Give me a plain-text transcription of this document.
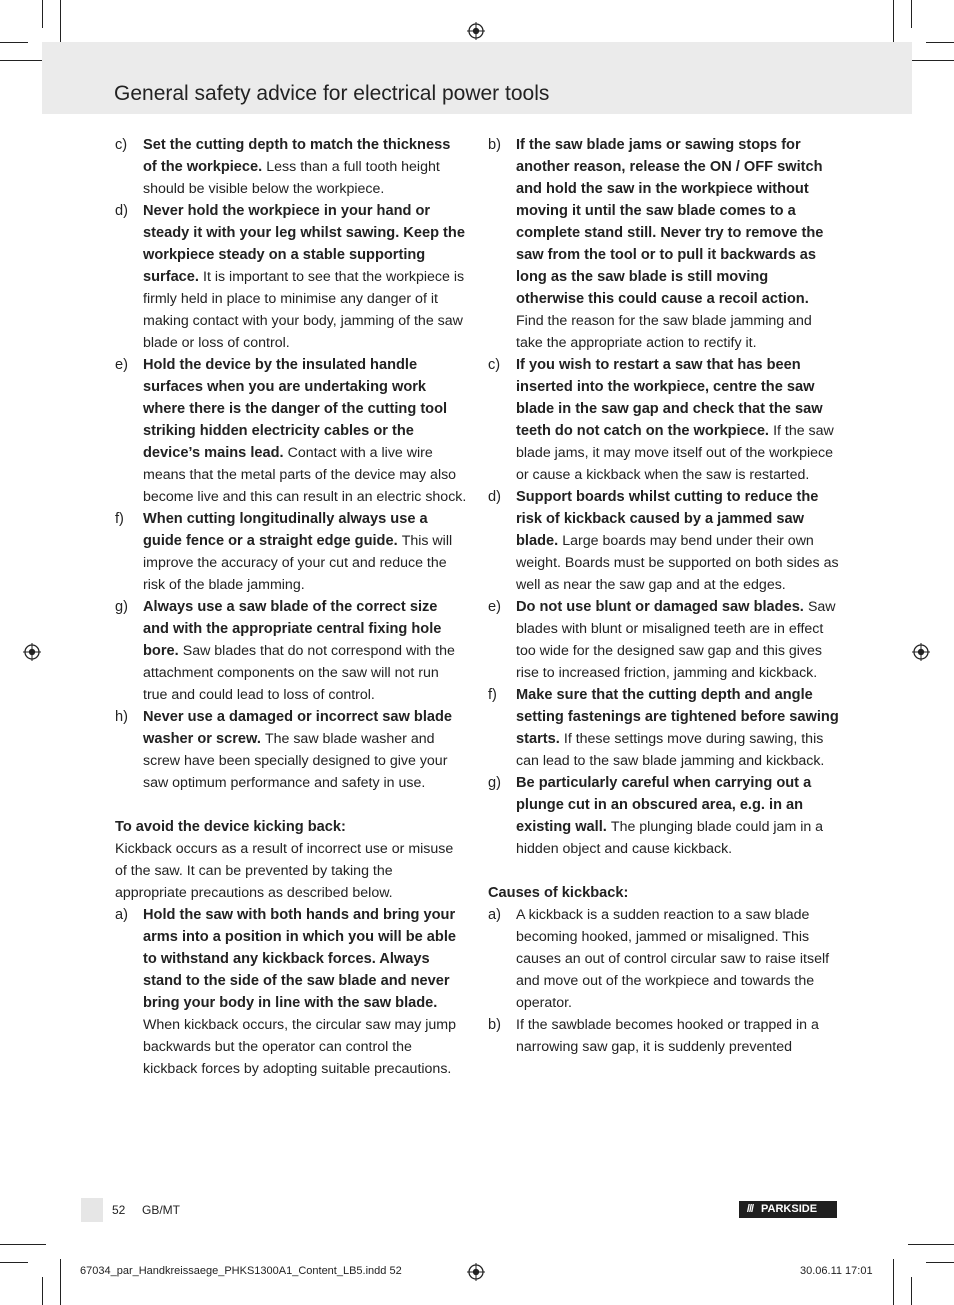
General safety advice for electrical power tools
c)	Set the cutting depth to match the thickness of the workpiece. Less than a full tooth height should be visible below the workpiece.
d)	Never hold the workpiece in your hand or steady it with your leg whilst sawing. Keep the workpiece steady on a stable supporting surface. It is important to see that the workpiece is firmly held in place to minimise any danger of it making contact with your body, jamming of the saw blade or loss of control.
e)	Hold the device by the insulated handle surfaces when you are undertaking work where there is the danger of the cutting tool striking hidden electricity cables or the device’s mains lead. Contact with a live wire means that the metal parts of the device may also become live and this can result in an electric shock.
f)	When cutting longitudinally always use a guide fence or a straight edge guide. This will improve the accuracy of your cut and reduce the risk of the blade jamming.
g)	Always use a saw blade of the correct size and with the appropriate central fixing hole bore. Saw blades that do not correspond with the attachment components on the saw will not run true and could lead to loss of control.
h)	Never use a damaged or incorrect saw blade washer or screw. The saw blade washer and screw have been specially designed to give your saw optimum performance and safety in use.
To avoid the device kicking back:
Kickback occurs as a result of incorrect use or misuse of the saw. It can be prevented by taking the appropriate precautions as described below.
a)	Hold the saw with both hands and bring your arms into a position in which you will be able to withstand any kickback forces. Always stand to the side of the saw blade and never bring your body in line with the saw blade. When kickback occurs, the circular saw may jump backwards but the operator can control the kickback forces by adopting suitable precautions.
b)	If the saw blade jams or sawing stops for another reason, release the ON / OFF switch and hold the saw in the workpiece without moving it until the saw blade comes to a complete stand still. Never try to remove the saw from the tool or to pull it backwards as long as the saw blade is still moving otherwise this could cause a recoil action. Find the reason for the saw blade jamming and take the appropriate action to rectify it.
c)	If you wish to restart a saw that has been inserted into the workpiece, centre the saw blade in the saw gap and check that the saw teeth do not catch on the workpiece. If the saw blade jams, it may move itself out of the workpiece or cause a kickback when the saw is restarted.
d)	Support boards whilst cutting to reduce the risk of kickback caused by a jammed saw blade. Large boards may bend under their own weight. Boards must be supported on both sides as well as near the saw gap and at the edges.
e)	Do not use blunt or damaged saw blades. Saw blades with blunt or misaligned teeth are in effect too wide for the designed saw gap and this gives rise to increased friction, jamming and kickback.
f)	Make sure that the cutting depth and angle setting fastenings are tightened before sawing starts. If these settings move during sawing, this can lead to the saw blade jamming and kickback.
g)	Be particularly careful when carrying out a plunge cut in an obscured area, e.g. in an existing wall. The plunging blade could jam in a hidden object and cause kickback.
Causes of kickback:
a)	A kickback is a sudden reaction to a saw blade becoming hooked, jammed or misaligned. This causes an out of control circular saw to raise itself and move out of the workpiece and towards the operator.
b)	If the sawblade becomes hooked or trapped in a narrowing saw gap, it is suddenly prevented
52 GB/MT	/// PARKSIDE
67034_par_Handkreissaege_PHKS1300A1_Content_LB5.indd 52	30.06.11 17:01
